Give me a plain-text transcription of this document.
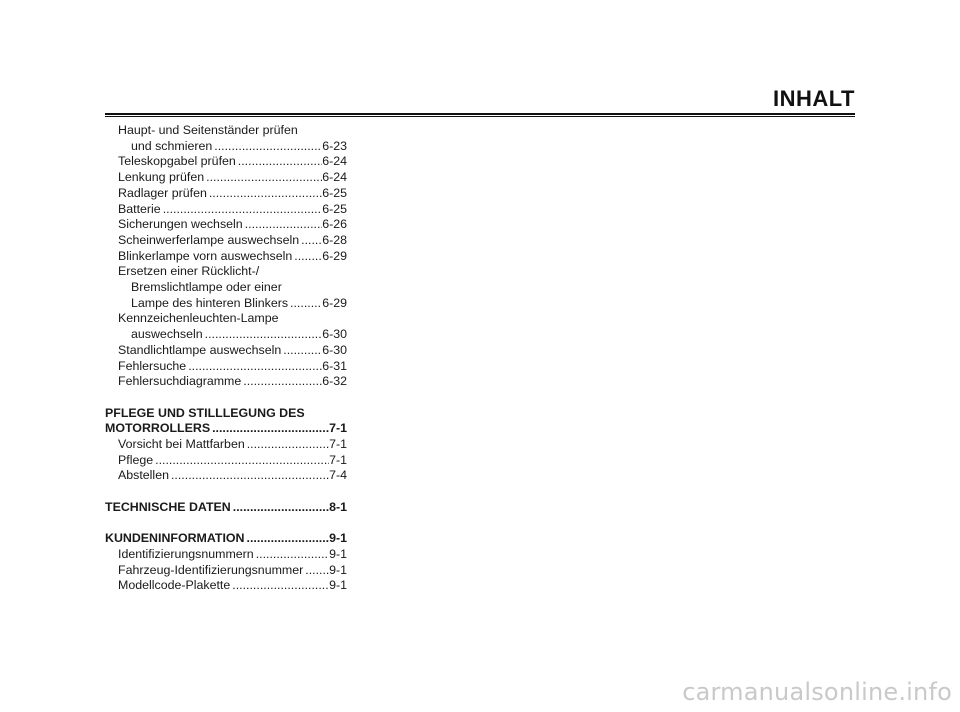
INHALT
Haupt- und Seitenständer prüfen
und schmieren .....	6-23
Teleskopgabel prüfen .....	6-24
Lenkung prüfen .....	6-24
Radlager prüfen .....	6-25
Batterie .....	6-25
Sicherungen wechseln .....	6-26
Scheinwerferlampe auswechseln ..... 6-28
Blinkerlampe vorn auswechseln ..... 6-29
Ersetzen einer Rücklicht-/
Bremslichtlampe oder einer
Lampe des hinteren Blinkers .....	6-29
Kennzeichenleuchten-Lampe
auswechseln .....	6-30
Standlichtlampe auswechseln .....	6-30
Fehlersuche .....	6-31
Fehlersuchdiagramme .....	6-32
PFLEGE UND STILLLEGUNG DES
MOTORROLLERS .....	7-1
Vorsicht bei Mattfarben .....	7-1
Pflege .....	7-1
Abstellen .....	7-4
TECHNISCHE DATEN .....	8-1
KUNDENINFORMATION .....	9-1
Identifizierungsnummern .....	9-1
Fahrzeug-Identifizierungsnummer ..... 9-1
Modellcode-Plakette .....	9-1
carmanualsonline.info
